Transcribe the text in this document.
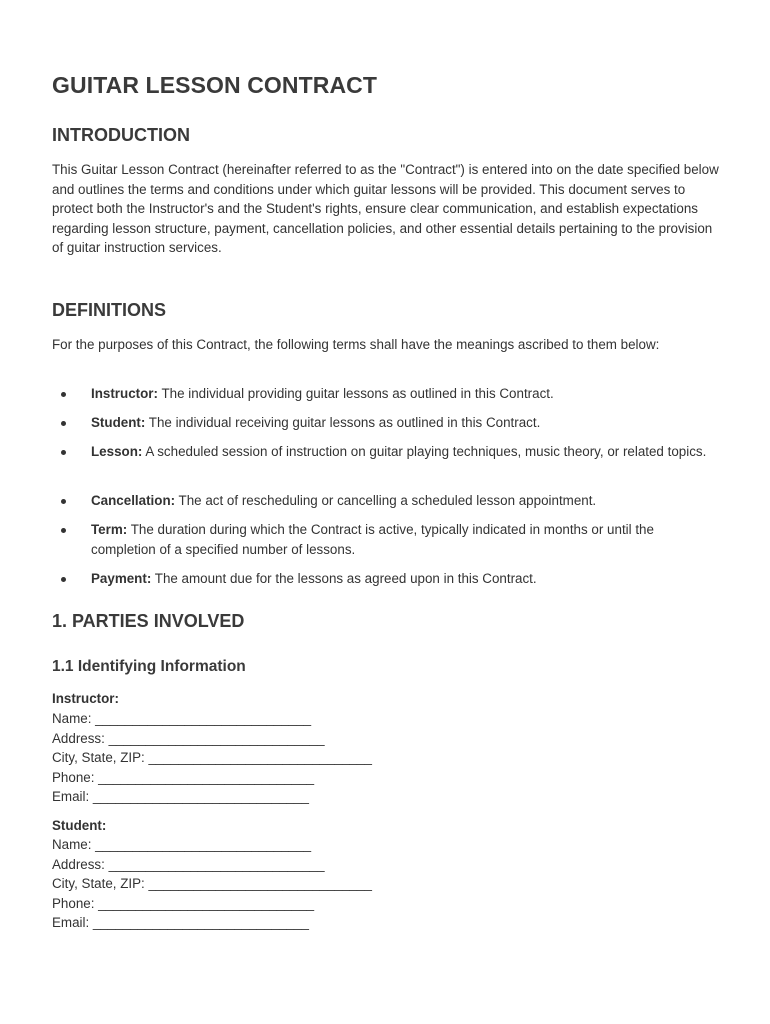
GUITAR LESSON CONTRACT
INTRODUCTION

This Guitar Lesson Contract (hereinafter referred to as the "Contract") is entered into on the date specified below and outlines the terms and conditions under which guitar lessons will be provided. This document serves to protect both the Instructor's and the Student's rights, ensure clear communication, and establish expectations regarding lesson structure, payment, cancellation policies, and other essential details pertaining to the provision of guitar instruction services.

DEFINITIONS

For the purposes of this Contract, the following terms shall have the meanings ascribed to them below:

Instructor: The individual providing guitar lessons as outlined in this Contract.
Student: The individual receiving guitar lessons as outlined in this Contract.
Lesson: A scheduled session of instruction on guitar playing techniques, music theory, or related topics.
Cancellation: The act of rescheduling or cancelling a scheduled lesson appointment.
Term: The duration during which the Contract is active, typically indicated in months or until the completion of a specified number of lessons.
Payment: The amount due for the lessons as agreed upon in this Contract.
1. PARTIES INVOLVED
1.1 Identifying Information
Instructor:
Name: _____________________________
Address: _____________________________
City, State, ZIP: ______________________________
Phone: _____________________________
Email: _____________________________
Student:
Name: _____________________________
Address: _____________________________
City, State, ZIP: ______________________________
Phone: _____________________________
Email: _____________________________
